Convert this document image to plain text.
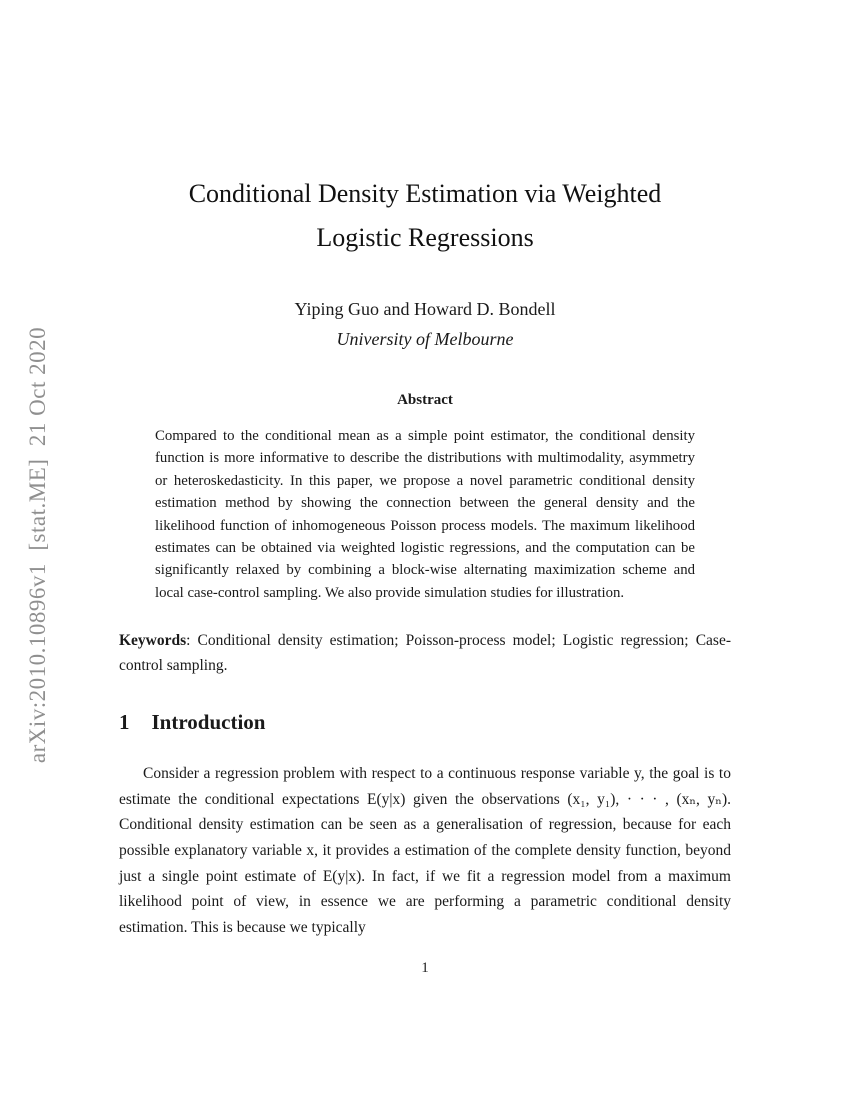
arXiv:2010.10896v1  [stat.ME]  21 Oct 2020
Conditional Density Estimation via Weighted
Logistic Regressions
Yiping Guo and Howard D. Bondell
University of Melbourne
Abstract
Compared to the conditional mean as a simple point estimator, the conditional density function is more informative to describe the distributions with multimodality, asymmetry or heteroskedasticity. In this paper, we propose a novel parametric conditional density estimation method by showing the connection between the general density and the likelihood function of inhomogeneous Poisson process models. The maximum likelihood estimates can be obtained via weighted logistic regressions, and the computation can be significantly relaxed by combining a block-wise alternating maximization scheme and local case-control sampling. We also provide simulation studies for illustration.
Keywords: Conditional density estimation; Poisson-process model; Logistic regression; Case-control sampling.
1 Introduction
Consider a regression problem with respect to a continuous response variable y, the goal is to estimate the conditional expectations E(y|x) given the observations (x₁, y₁), · · · , (xₙ, yₙ). Conditional density estimation can be seen as a generalisation of regression, because for each possible explanatory variable x, it provides a estimation of the complete density function, beyond just a single point estimate of E(y|x). In fact, if we fit a regression model from a maximum likelihood point of view, in essence we are performing a parametric conditional density estimation. This is because we typically
1
